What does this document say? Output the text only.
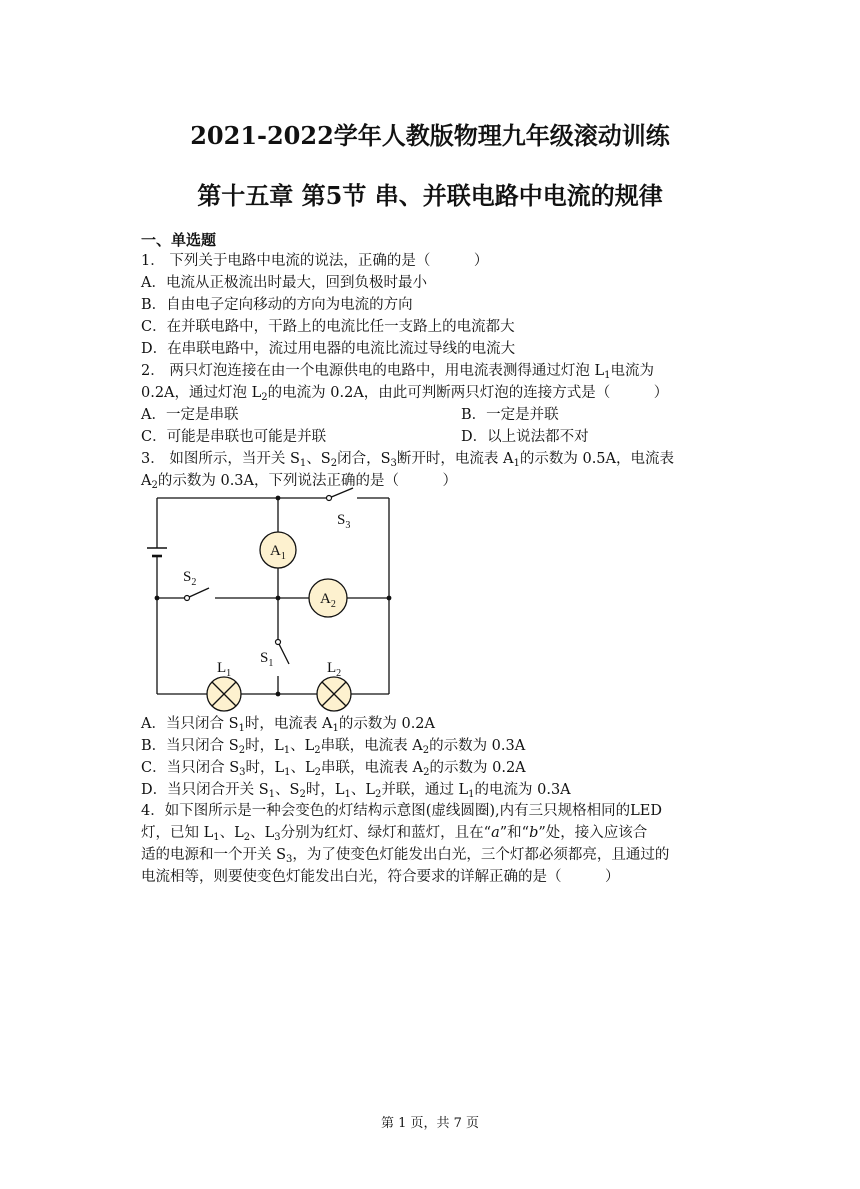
2021-2022学年人教版物理九年级滚动训练
第十五章 第5节 串、并联电路中电流的规律
一、单选题
1． 下列关于电路中电流的说法，正确的是（　　　）
A．电流从正极流出时最大，回到负极时最小
B．自由电子定向移动的方向为电流的方向
C．在并联电路中，干路上的电流比任一支路上的电流都大
D．在串联电路中，流过用电器的电流比流过导线的电流大
2． 两只灯泡连接在由一个电源供电的电路中，用电流表测得通过灯泡 $L_1$电流为
0.2A，通过灯泡 $L_2$的电流为 0.2A，由此可判断两只灯泡的连接方式是（　　　）
A．一定是串联	B．一定是并联
C．可能是串联也可能是并联	D．以上说法都不对
3． 如图所示，当开关 $S_1$、$S_2$闭合，$S_3$断开时，电流表 $A_1$的示数为 0.5A，电流表
$A_2$的示数为 0.3A，下列说法正确的是（　　　）
$A_1$
$A_2$
$S_3$
$S_2$
$S_1$
$L_1$	$L_2$
A．当只闭合 $S_1$时，电流表 $A_1$的示数为 0.2A
B．当只闭合 $S_2$时，$L_1$、$L_2$串联，电流表 $A_2$的示数为 0.3A
C．当只闭合 $S_3$时，$L_1$、$L_2$串联，电流表 $A_2$的示数为 0.2A
D．当只闭合开关 $S_1$、$S_2$时，$L_1$、$L_2$并联，通过 $L_1$的电流为 0.3A
4．如下图所示是一种会变色的灯结构示意图(虚线圆圈),内有三只规格相同的LED
灯，已知 $L_1$、$L_2$、$L_3$分别为红灯、绿灯和蓝灯，且在“a”和“b”处，接入应该合
适的电源和一个开关 $S_3$，为了使变色灯能发出白光，三个灯都必须都亮，且通过的
电流相等，则要使变色灯能发出白光，符合要求的详解正确的是（　　　）
第 1 页，共 7 页
